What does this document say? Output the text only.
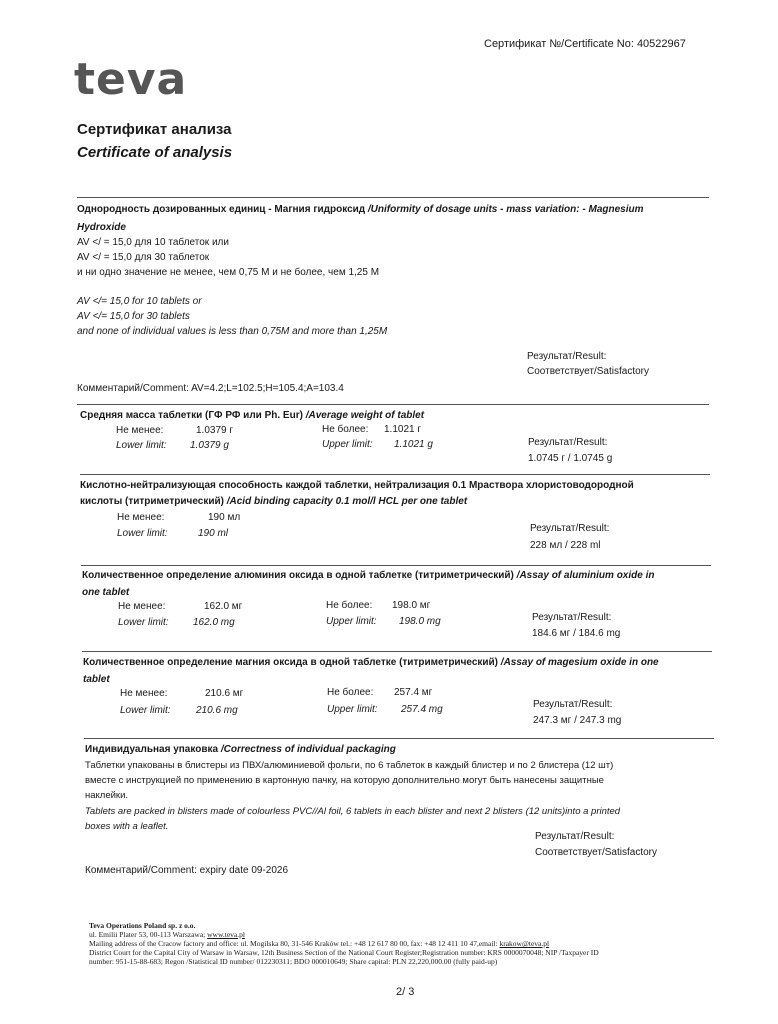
Сертификат №/Certificate No: 40522967
teva
Сертификат анализа
Certificate of analysis
Однородность дозированных единиц - Магния гидроксид /Uniformity of dosage units - mass variation: - Magnesium
Hydroxide
AV </ = 15,0 для 10 таблеток или
AV </ = 15,0 для 30 таблеток
и ни одно значение не менее, чем 0,75 М и не более, чем 1,25 М
AV </= 15,0 for 10 tablets or
AV </= 15,0 for 30 tablets
and none of individual values is less than 0,75M and more than 1,25M
Результат/Result:
Соответствует/Satisfactory
Комментарий/Comment: AV=4.2;L=102.5;H=105.4;A=103.4
Средняя масса таблетки (ГФ РФ или Ph. Eur) /Average weight of tablet
Не менее:	1.0379 г	Не более: 1.1021 г
Lower limit: 1.0379 g	Upper limit: 1.1021 g	Результат/Result:
1.0745 г / 1.0745 g
Кислотно-нейтрализующая способность каждой таблетки, нейтрализация 0.1 Мраствора хлористоводородной
кислоты (титриметрический) /Acid binding capacity 0.1 mol/l HCL per one tablet
Не менее:	190 мл
Lower limit:	190 ml	Результат/Result:
228 мл / 228 ml
Количественное определение алюминия оксида в одной таблетке (титриметрический) /Assay of aluminium oxide in
one tablet
Не менее:	162.0 мг	Не более: 198.0 мг
Lower limit: 162.0 mg	Upper limit: 198.0 mg	Результат/Result:
184.6 мг / 184.6 mg
Количественное определение магния оксида в одной таблетке (титриметрический) /Assay of magesium oxide in one
tablet
Не менее:	210.6 мг	Не более: 257.4 мг
Lower limit:	210.6 mg	Upper limit: 257.4 mg	Результат/Result:
247.3 мг / 247.3 mg
Индивидуальная упаковка /Correctness of individual packaging
Таблетки упакованы в блистеры из ПВХ/алюминиевой фольги, по 6 таблеток в каждый блистер и по 2 блистера (12 шт)
вместе с инструкцией по применению в картонную пачку, на которую дополнительно могут быть нанесены защитные
наклейки.
Tablets are packed in blisters made of colourless PVC//Al foil, 6 tablets in each blister and next 2 blisters (12 units)into a printed
boxes with a leaflet.
Результат/Result:
Соответствует/Satisfactory
Комментарий/Comment: expiry date 09-2026
Teva Operations Poland sp. z o.o.
ul. Emilii Plater 53, 00-113 Warszawa; www.teva.pl
Mailing address of the Cracow factory and office: ul. Mogilska 80, 31-546 Kraków tel.: +48 12 617 80 00, fax: +48 12 411 10 47,email: krakow@teva.pl
District Court for the Capital City of Warsaw in Warsaw, 12th Business Section of the National Court Register;Registration number: KRS 0000070048; NIP /Taxpayer ID
number: 951-15-88-683; Regon /Statistical ID number/ 012230311; BDO 000010649; Share capital: PLN 22,220,000.00 (fully paid-up)
2/ 3
